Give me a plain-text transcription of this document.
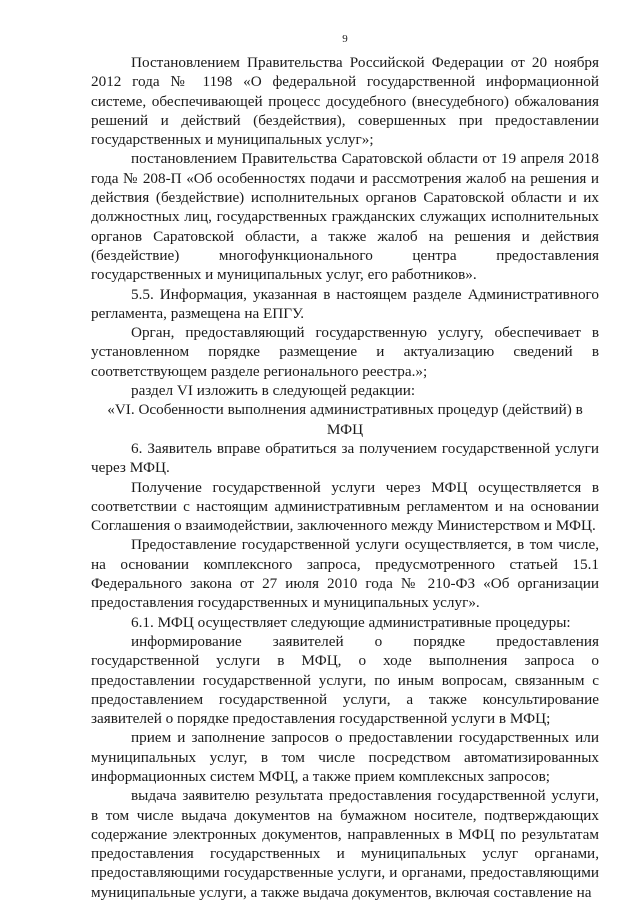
9

Постановлением Правительства Российской Федерации от 20 ноября 2012 года № 1198 «О федеральной государственной информационной системе, обеспечивающей процесс досудебного (внесудебного) обжалования решений и действий (бездействия), совершенных при предоставлении государственных и муниципальных услуг»;

постановлением Правительства Саратовской области от 19 апреля 2018 года № 208-П «Об особенностях подачи и рассмотрения жалоб на решения и действия (бездействие) исполнительных органов Саратовской области и их должностных лиц, государственных гражданских служащих исполнительных органов Саратовской области, а также жалоб на решения и действия (бездействие) многофункционального центра предоставления государственных и муниципальных услуг, его работников».

5.5. Информация, указанная в настоящем разделе Административного регламента, размещена на ЕПГУ.

Орган, предоставляющий государственную услугу, обеспечивает в установленном порядке размещение и актуализацию сведений в соответствующем разделе регионального реестра.»;

раздел VI изложить в следующей редакции:

«VI. Особенности выполнения административных процедур (действий) в МФЦ

6. Заявитель вправе обратиться за получением государственной услуги через МФЦ.

Получение государственной услуги через МФЦ осуществляется в соответствии с настоящим административным регламентом и на основании Соглашения о взаимодействии, заключенного между Министерством и МФЦ.

Предоставление государственной услуги осуществляется, в том числе, на основании комплексного запроса, предусмотренного статьей 15.1 Федерального закона от 27 июля 2010 года № 210-ФЗ «Об организации предоставления государственных и муниципальных услуг».

6.1. МФЦ осуществляет следующие административные процедуры:

информирование заявителей о порядке предоставления государственной услуги в МФЦ, о ходе выполнения запроса о предоставлении государственной услуги, по иным вопросам, связанным с предоставлением государственной услуги, а также консультирование заявителей о порядке предоставления государственной услуги в МФЦ;

прием и заполнение запросов о предоставлении государственных или муниципальных услуг, в том числе посредством автоматизированных информационных систем МФЦ, а также прием комплексных запросов;

выдача заявителю результата предоставления государственной услуги, в том числе выдача документов на бумажном носителе, подтверждающих содержание электронных документов, направленных в МФЦ по результатам предоставления государственных и муниципальных услуг органами, предоставляющими государственные услуги, и органами, предоставляющими муниципальные услуги, а также выдача документов, включая составление на
